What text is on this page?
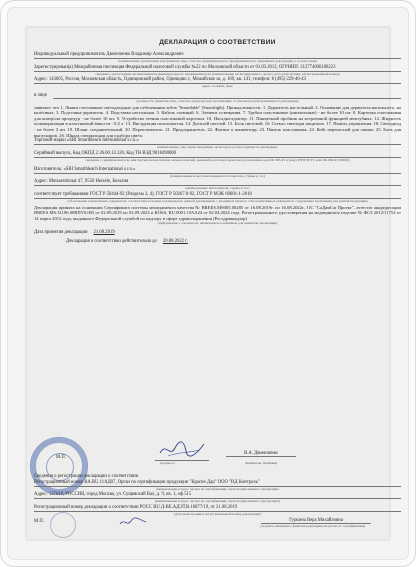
ДЕКЛАРАЦИЯ О СООТВЕТСТВИИ
Индивидуальный предприниматель Двоеиченко Владимир Александрович
наименование организации или фамилия, имя, отчество индивидуального предпринимателя, принявших декларацию о соответствии
Зарегистрирован(а) Межрайонная инспекция Федеральной налоговой службы №22 по Московской области от 01.03.2012, ОГРНИП: 312774606100223
сведения о регистрации организации или индивидуального предпринимателя (наименование регистрирующего органа, дата регистрации, регистрационный номер)
Адрес: 143005, Россия, Московская область, Одинцовский район, Одинцово г., Можайское ш, д. 169, кв. 141, телефон: 8 (495) 229-40-43
адрес, телефон, факс
в лице
(должность, фамилия, имя, отчество руководителя организации, от имени которой принимается декларация)
заявляет, что 1. Линии стеллажные светодиодные для отбеливания зубов "Smartlabb" (Smartlight). Принадлежности: 1. Держатель настольный. 2. Основание для держателя напольного, на колёсиках. 3. Подставка-держатель. 4. Подставка настольная. 5. Кабель сьемный. 6. Элемент освещения. 7. Трубки пластиковые (ниппельные) - не более 10 шт. 8. Карточка пластиковая для контроля процедур - не более 10 шт. 9. Устройство чтения пластиковой карточки. 10. Насадка-адаптер. 11. Пинцетный пробник на встроенной функцией межзубных. 12. Жидкость полимеризации в пластиковой ёмкости - 0,5 л. 13. Инструкция пользователя. 14. Дисплей светлой. 15. Блок световой. 16. Стекло светлорн защитное. 17. Панель управления. 18. Светодиод - не более 3 шт. 19. Шланг соединительный. 20. Переключатель. 21. Предохранитель. 22. Фитинг к коннектору. 23. Панель пластиковая. 24. Кейс переносной для лампы. 25. Блок для выпускаров. 26. Шкала специальная для подбора цвета.
Торговой марки «SBI Smartbleach International s.r.o.»
наименование, тип, марка продукции, на которую распространяется декларация,
Серийный выпуск, Код ОКПД 2 26.60.13.120, Код ТН ВЭД 9018490000
сведения о серийном выпуске или партии (номер партии, номера изделий, реквизиты договора (контракта), накладная, код ОК 005-93 и (или) ТН ВЭД ТС или ОК 002-93 (ОКП))
Изготовитель: «SBI Smartbleach International s.r.o.»
(наименование и местонахождение изготовителя, страны и т.п.)
Адрес: Mutsaerdstraat 47, 9550 Herzele, Бельгия
(наименование изготовителя, страна и т.п.)
соответствует требованиям ГОСТ Р 50444-92 (Разделы 3, 4), ГОСТ Р 50267.0-92, ГОСТ Р МЭК 60601-1-2010
(обозначение нормативных документов, соответствие которым подтверждено данной декларацией, с указанием пунктов этих нормативных документов, содержащих требования для данной продукции)
Декларация принята на основании Сертификата системы менеджмента качества № BREES.MS005.00285 от 16.08.2019г. по 16.08.2022г., ОС "СаДамСм Проект", аттестат аккредитации BREES.MS.31186.00ВПУ0.005 от 02.09.2019 по 02.09.2022 и ROSS, RU.0001.10AА24 от 02.04.2024 года. Регистрационного удостоверения на медицинское изделие № ФСЗ 2012/11754 от 14 марта 2012 года, выданного Федеральной службой по надзору в сфере здравоохранения (Росздравнадзор)
(информация о документах, являющихся основанием для принятия декларации)
Дата принятия декларации 21.08.2019
Декларация о соответствии действительна до 20.08.2022 г.
М.П.
(подпись)
В.А. Двоеиченко
(инициалы, фамилия)
Сведения о регистрации декларации о соответствии
Регистрационный номер RA.RU.11AД07, Орган по сертификации продукции "Красно Дар" ООО "НД Контроль"
наименование и адрес органа по сертификации, зарегистрировавшего декларацию
Адрес: 127018, РОССИЯ, город Москва, ул. Сущевский Вал, д. 9, кв. 1, оф.515
(наименование и адрес органа по сертификации, зарегистрировавшего декларацию)
Регистрационный номер декларации о соответствии РОСС RU Д-BE.АДЭТ.В.16877/19, от 21.08.2019
(дата регистрации и регистрационный номер декларации)
М.П.	Гуркина Вера Михайловна
(подпись, инициалы, фамилия руководителя органа по сертификации)
